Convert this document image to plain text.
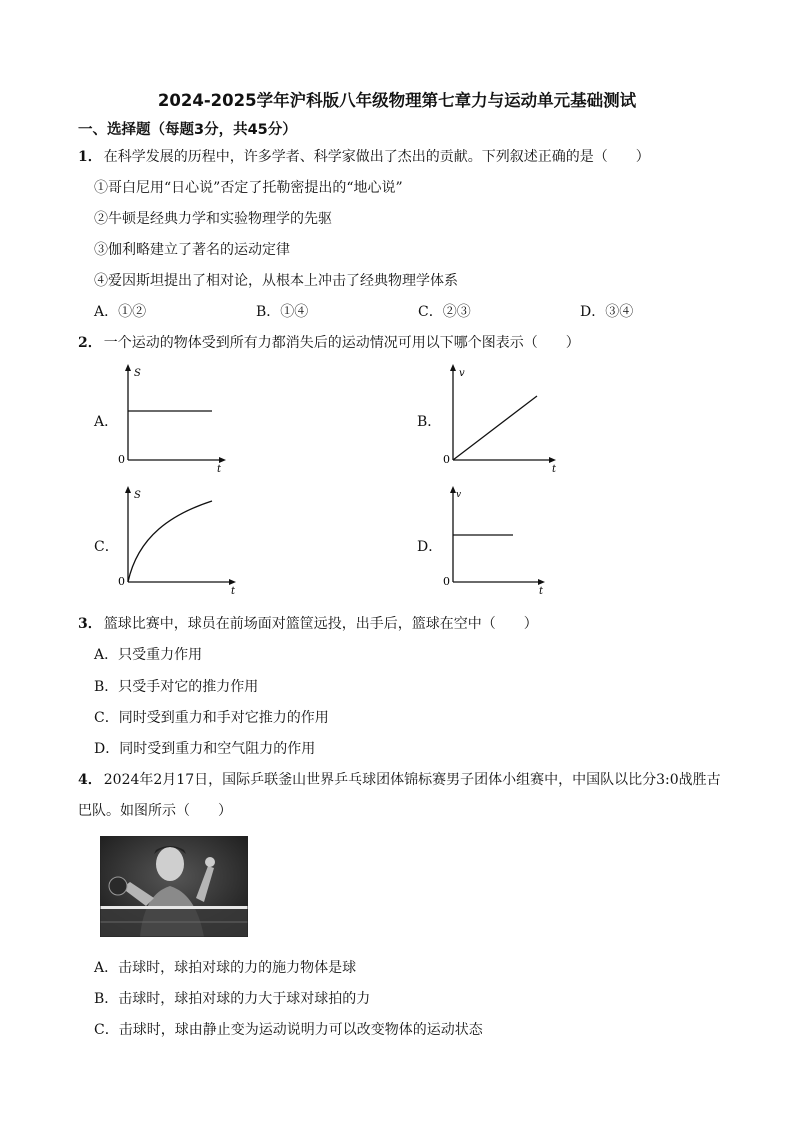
2024-2025学年沪科版八年级物理第七章力与运动单元基础测试
一、选择题（每题3分，共45分）
1． 在科学发展的历程中，许多学者、科学家做出了杰出的贡献。下列叙述正确的是（　　）
①哥白尼用“日心说”否定了托勒密提出的“地心说”
②牛顿是经典力学和实验物理学的先驱
③伽利略建立了著名的运动定律
④爱因斯坦提出了相对论，从根本上冲击了经典物理学体系
A．①②	B．①④	C．②③	D．③④
2． 一个运动的物体受到所有力都消失后的运动情况可用以下哪个图表示（　　）
A．
S
t
0
B．
v
t
0
C．
S
t
0
D．
v
t
0
3． 篮球比赛中，球员在前场面对篮筐远投，出手后，篮球在空中（　　）
A．只受重力作用
B．只受手对它的推力作用
C．同时受到重力和手对它推力的作用
D．同时受到重力和空气阻力的作用
4． 2024年2月17日，国际乒联釜山世界乒乓球团体锦标赛男子团体小组赛中，中国队以比分3:0战胜古
巴队。如图所示（　　）
A．击球时，球拍对球的力的施力物体是球
B．击球时，球拍对球的力大于球对球拍的力
C．击球时，球由静止变为运动说明力可以改变物体的运动状态
